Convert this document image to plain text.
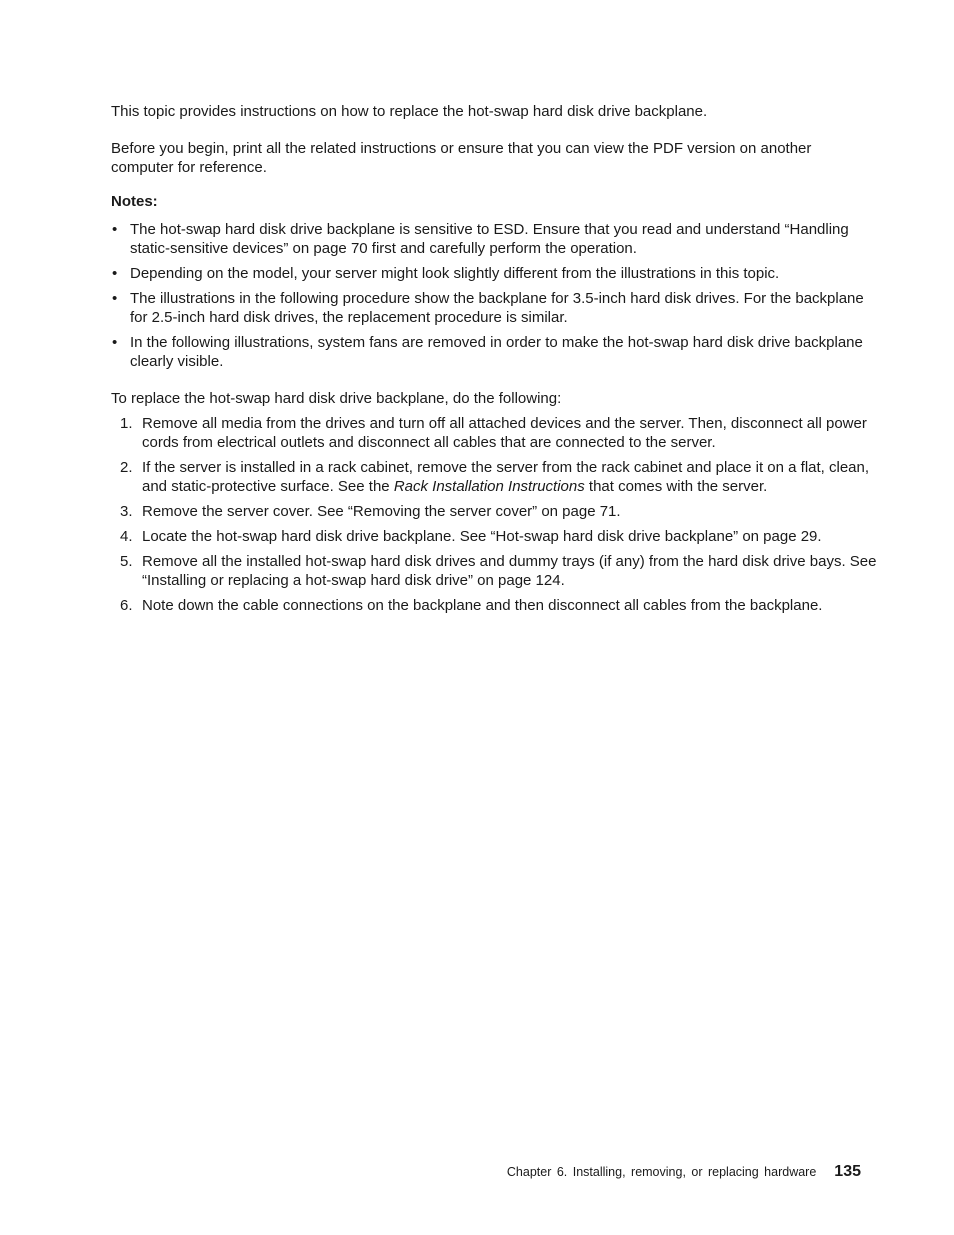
This topic provides instructions on how to replace the hot-swap hard disk drive backplane.

Before you begin, print all the related instructions or ensure that you can view the PDF version on another computer for reference.

Notes:

• The hot-swap hard disk drive backplane is sensitive to ESD. Ensure that you read and understand “Handling static-sensitive devices” on page 70 first and carefully perform the operation.
• Depending on the model, your server might look slightly different from the illustrations in this topic.
• The illustrations in the following procedure show the backplane for 3.5-inch hard disk drives. For the backplane for 2.5-inch hard disk drives, the replacement procedure is similar.
• In the following illustrations, system fans are removed in order to make the hot-swap hard disk drive backplane clearly visible.

To replace the hot-swap hard disk drive backplane, do the following:

1. Remove all media from the drives and turn off all attached devices and the server. Then, disconnect all power cords from electrical outlets and disconnect all cables that are connected to the server.
2. If the server is installed in a rack cabinet, remove the server from the rack cabinet and place it on a flat, clean, and static-protective surface. See the Rack Installation Instructions that comes with the server.
3. Remove the server cover. See “Removing the server cover” on page 71.
4. Locate the hot-swap hard disk drive backplane. See “Hot-swap hard disk drive backplane” on page 29.
5. Remove all the installed hot-swap hard disk drives and dummy trays (if any) from the hard disk drive bays. See “Installing or replacing a hot-swap hard disk drive” on page 124.
6. Note down the cable connections on the backplane and then disconnect all cables from the backplane.
Chapter 6. Installing, removing, or replacing hardware 135
